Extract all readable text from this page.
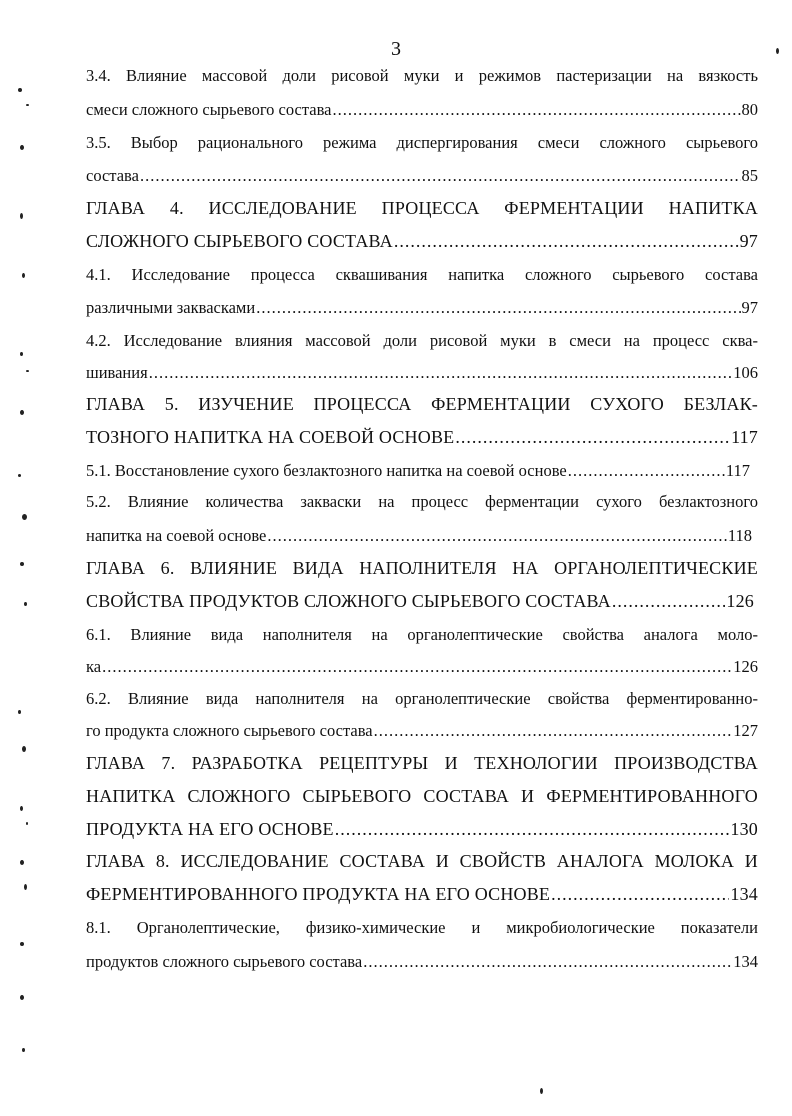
3
3.4. Влияние массовой доли рисовой муки и режимов пастеризации на вязкость
смеси сложного сырьевого состава .....	80
3.5. Выбор рационального режима диспергирования смеси сложного сырьевого
состава .....	85
ГЛАВА 4. ИССЛЕДОВАНИЕ ПРОЦЕССА ФЕРМЕНТАЦИИ НАПИТКА
СЛОЖНОГО СЫРЬЕВОГО СОСТАВА .....	97
4.1. Исследование процесса сквашивания напитка сложного сырьевого состава
различными заквасками .....	97
4.2. Исследование влияния массовой доли рисовой муки в смеси на процесс сква-
шивания .....	106
ГЛАВА 5. ИЗУЧЕНИЕ ПРОЦЕССА ФЕРМЕНТАЦИИ СУХОГО БЕЗЛАК-
ТОЗНОГО НАПИТКА НА СОЕВОЙ ОСНОВЕ .....	117
5.1. Восстановление сухого безлактозного напитка на соевой основе .....	117
5.2. Влияние количества закваски на процесс ферментации сухого безлактозного
напитка на соевой основе .....	118
ГЛАВА 6. ВЛИЯНИЕ ВИДА НАПОЛНИТЕЛЯ НА ОРГАНОЛЕПТИЧЕСКИЕ
СВОЙСТВА ПРОДУКТОВ СЛОЖНОГО СЫРЬЕВОГО СОСТАВА .....	126
6.1. Влияние вида наполнителя на органолептические свойства аналога моло-
ка .....	126
6.2. Влияние вида наполнителя на органолептические свойства ферментированно-
го продукта сложного сырьевого состава .....	127
ГЛАВА 7. РАЗРАБОТКА РЕЦЕПТУРЫ И ТЕХНОЛОГИИ ПРОИЗВОДСТВА
НАПИТКА СЛОЖНОГО СЫРЬЕВОГО СОСТАВА И ФЕРМЕНТИРОВАННОГО
ПРОДУКТА НА ЕГО ОСНОВЕ .....	130
ГЛАВА 8. ИССЛЕДОВАНИЕ СОСТАВА И СВОЙСТВ АНАЛОГА МОЛОКА И
ФЕРМЕНТИРОВАННОГО ПРОДУКТА НА ЕГО ОСНОВЕ .....	134
8.1. Органолептические, физико-химические и микробиологические показатели
продуктов сложного сырьевого состава .....	134
